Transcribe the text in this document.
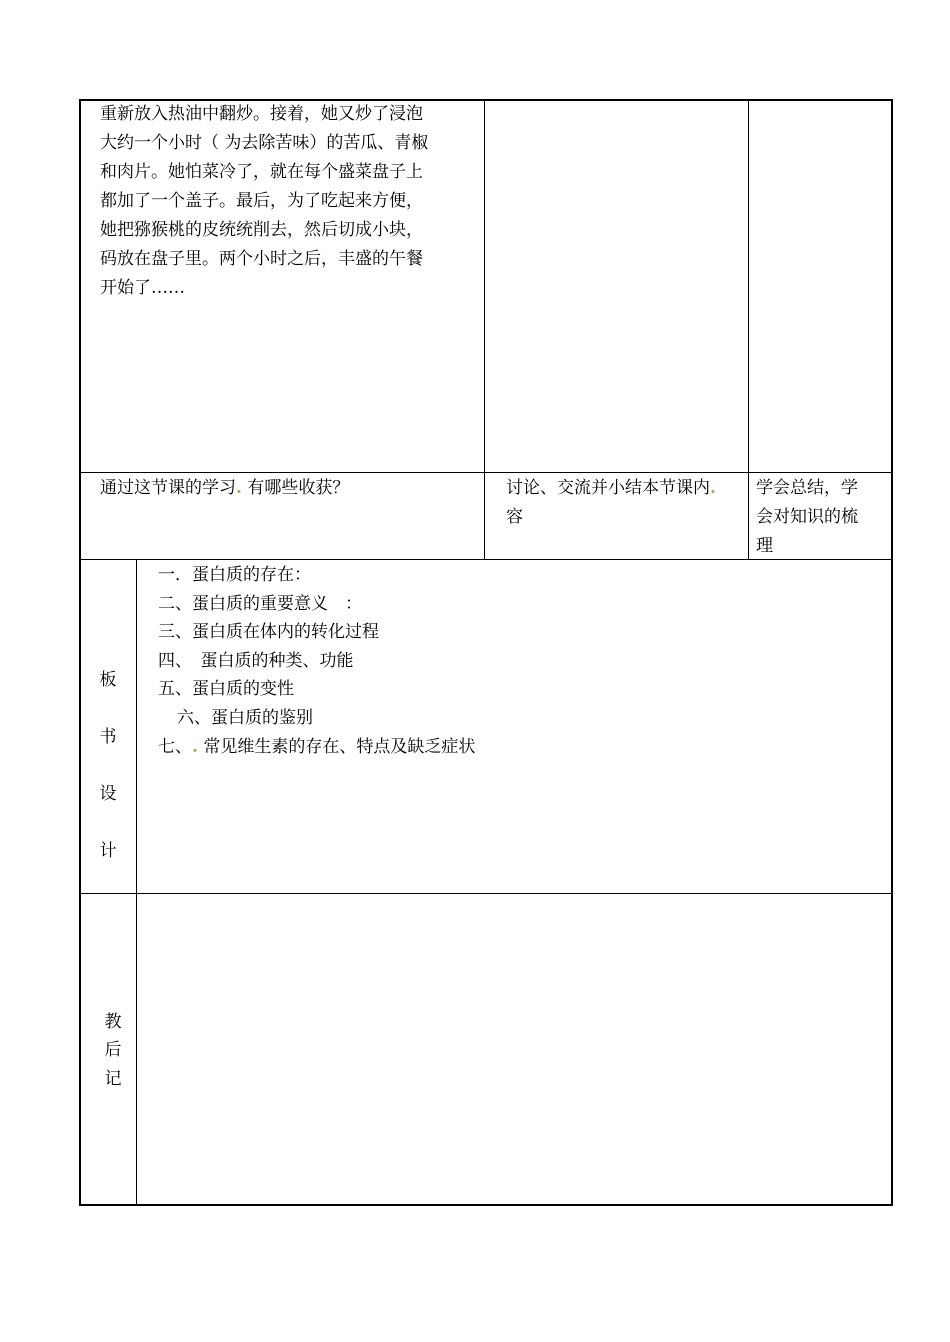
重新放入热油中翻炒。接着，她又炒了浸泡
大约一个小时（ 为去除苦味）的苦瓜、青椒
和肉片。她怕菜冷了，就在每个盛菜盘子上
都加了一个盖子。最后，为了吃起来方便，
她把猕猴桃的皮统统削去，然后切成小块，
码放在盘子里。两个小时之后，丰盛的午餐
开始了……
通过这节课的学习. 有哪些收获？	讨论、交流并小结本节课内.
容
学会总结，学
会对知识的梳
理
板
书
设
计
一．蛋白质的存在：
二、蛋白质的重要意义　：
三、蛋白质在体内的转化过程
四、　蛋白质的种类、功能
五、蛋白质的变性
六、蛋白质的鉴别
七、. 常见维生素的存在、特点及缺乏症状
教
后
记
